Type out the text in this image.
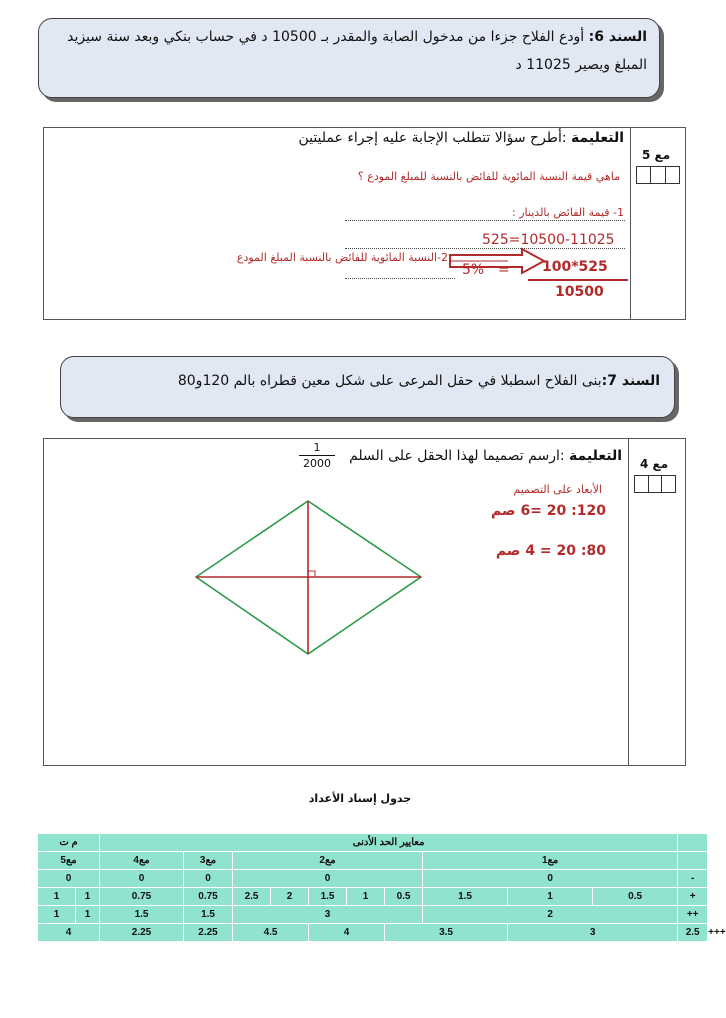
السند 6: أودع الفلاح جزءا من مدخول الصابة والمقدر بـ 10500 د في حساب بنكي وبعد سنة سيزيد المبلغ ويصير 11025 د
مع 5
التعليمة :أطرح سؤالا تتطلب الإجابة عليه إجراء عمليتين
ماهي قيمة النسبة المائوية للفائض بالنسبة للمبلغ المودع ؟
1- قيمة الفائض بالدينار :
525=10500-11025
2-النسبة المائوية للفائض بالنسبة المبلغ المودع
5% = 100*525
10500
السند 7:بنى الفلاح اسطبلا في حقل المرعى على شكل معين قطراه بالم 120و80
مع 4
التعليمة :ارسم تصميما لهذا الحقل على السلم
1
2000
الأبعاد على التصميم
120: 20 =6 صم
80: 20 = 4 صم
جدول إسناد الأعداد
م ت		معايير الحد الأدنى											
مع5		مع4	مع3	مع2					مع1				
0		0	0	0					0			-	
1	1	0.75	0.75	2.5	2	1.5	1	0.5	1.5	1	0.5	+	
1	1	1.5	1.5	3					2			++	
4		2.25	2.25	4.5		4		3.5		3		2.5	+++
